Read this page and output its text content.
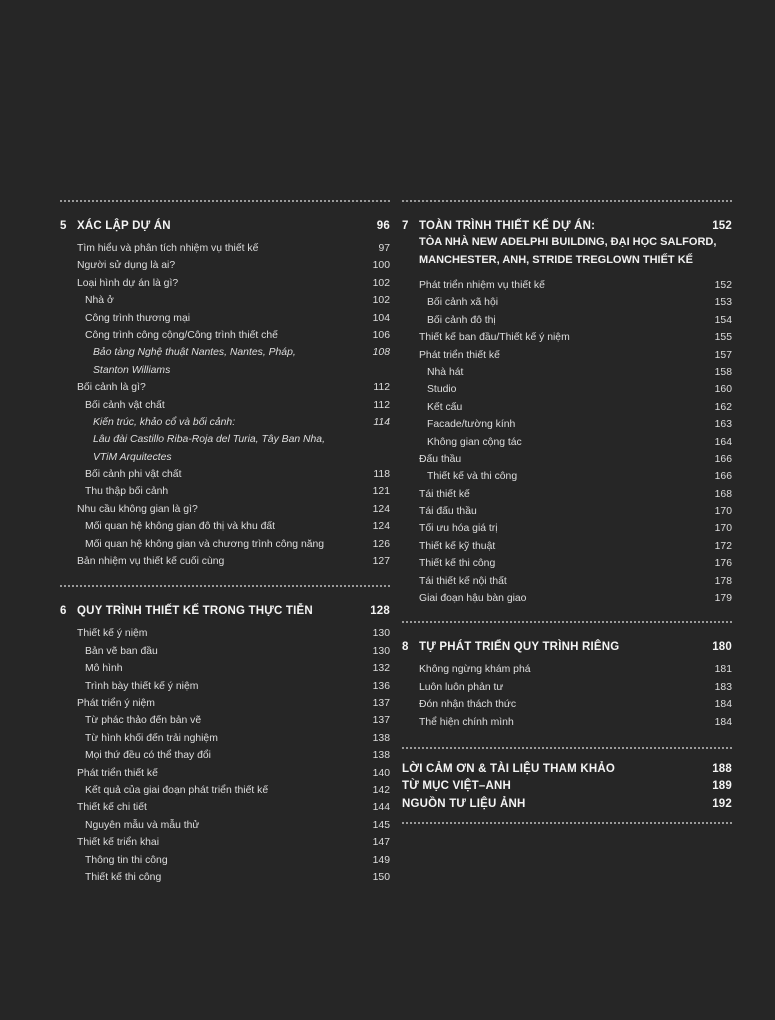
5 XÁC LẬP DỰ ÁN	96
Tìm hiểu và phân tích nhiệm vụ thiết kế	97
Người sử dụng là ai?	100
Loại hình dự án là gì?	102
Nhà ở	102
Công trình thương mại	104
Công trình công cộng/Công trình thiết chế	106
Bảo tàng Nghệ thuật Nantes, Nantes, Pháp,	108
Stanton Williams
Bối cảnh là gì?	112
Bối cảnh vật chất	112
Kiến trúc, khảo cổ và bối cảnh:	114
Lâu đài Castillo Riba-Roja del Turia, Tây Ban Nha,
VTiM Arquitectes
Bối cảnh phi vật chất	118
Thu thập bối cảnh	121
Nhu cầu không gian là gì?	124
Mối quan hệ không gian đô thị và khu đất	124
Mối quan hệ không gian và chương trình công năng	126
Bản nhiệm vụ thiết kế cuối cùng	127
6 QUY TRÌNH THIẾT KẾ TRONG THỰC TIỄN	128
Thiết kế ý niệm	130
Bản vẽ ban đầu	130
Mô hình	132
Trình bày thiết kế ý niệm	136
Phát triển ý niệm	137
Từ phác thảo đến bản vẽ	137
Từ hình khối đến trải nghiệm	138
Mọi thứ đều có thể thay đổi	138
Phát triển thiết kế	140
Kết quả của giai đoạn phát triển thiết kế	142
Thiết kế chi tiết	144
Nguyên mẫu và mẫu thử	145
Thiết kế triển khai	147
Thông tin thi công	149
Thiết kế thi công	150
7 TOÀN TRÌNH THIẾT KẾ DỰ ÁN:	152
TÒA NHÀ NEW ADELPHI BUILDING, ĐẠI HỌC SALFORD,
MANCHESTER, ANH, STRIDE TREGLOWN THIẾT KẾ
Phát triển nhiệm vụ thiết kế	152
Bối cảnh xã hội	153
Bối cảnh đô thị	154
Thiết kế ban đầu/Thiết kế ý niệm	155
Phát triển thiết kế	157
Nhà hát	158
Studio	160
Kết cấu	162
Facade/tường kính	163
Không gian cộng tác	164
Đấu thầu	166
Thiết kế và thi công	166
Tái thiết kế	168
Tái đấu thầu	170
Tối ưu hóa giá trị	170
Thiết kế kỹ thuật	172
Thiết kế thi công	176
Tái thiết kế nội thất	178
Giai đoạn hậu bàn giao	179
8 TỰ PHÁT TRIỂN QUY TRÌNH RIÊNG	180
Không ngừng khám phá	181
Luôn luôn phản tư	183
Đón nhận thách thức	184
Thể hiện chính mình	184
LỜI CẢM ƠN & TÀI LIỆU THAM KHẢO	188
TỪ MỤC VIỆT–ANH	189
NGUỒN TƯ LIỆU ẢNH	192
